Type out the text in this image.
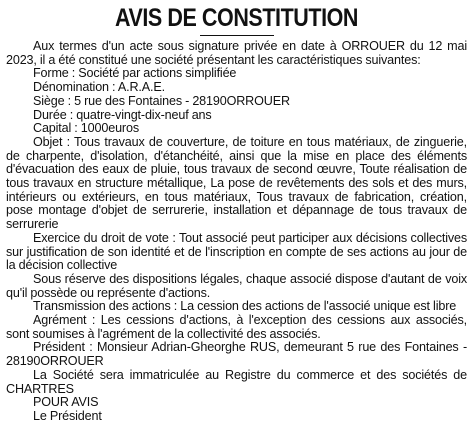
AVIS DE CONSTITUTION

Aux termes d'un acte sous signature privée en date à ORROUER du 12 mai 2023, il a été constitué une société présentant les caractéristiques suivantes:

Forme : Société par actions simplifiée

Dénomination : A.R.A.E.

Siège : 5 rue des Fontaines - 28190ORROUER

Durée : quatre-vingt-dix-neuf ans

Capital : 1000euros

Objet : Tous travaux de couverture, de toiture en tous matériaux, de zinguerie, de charpente, d'isolation, d'étanchéité, ainsi que la mise en place des éléments d'évacuation des eaux de pluie, tous travaux de second œuvre, Toute réalisation de tous travaux en structure métallique, La pose de revêtements des sols et des murs, intérieurs ou extérieurs, en tous matériaux, Tous travaux de fabrication, création, pose montage d'objet de serrurerie, installation et dépannage de tous travaux de serrurerie

Exercice du droit de vote : Tout associé peut participer aux décisions collectives sur justification de son identité et de l'inscription en compte de ses actions au jour de la décision collective

Sous réserve des dispositions légales, chaque associé dispose d'autant de voix qu'il possède ou représente d'actions.

Transmission des actions : La cession des actions de l'associé unique est libre

Agrément : Les cessions d'actions, à l'exception des cessions aux associés, sont soumises à l'agrément de la collectivité des associés.

Président : Monsieur Adrian-Gheorghe RUS, demeurant 5 rue des Fontaines - 28190ORROUER

La Société sera immatriculée au Registre du commerce et des sociétés de CHARTRES

POUR AVIS

Le Président
